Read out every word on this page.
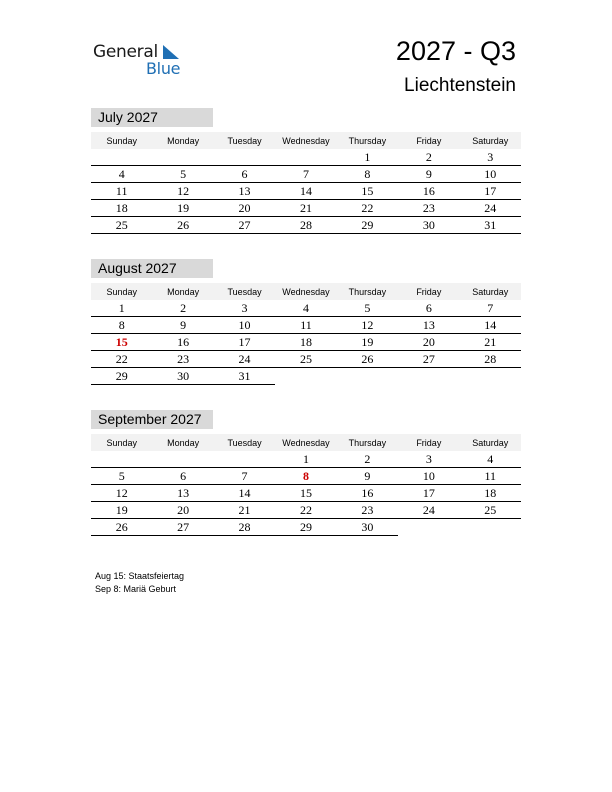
General
Blue
2027 - Q3
Liechtenstein
July 2027
Sunday	Monday	Tuesday	Wednesday	Thursday	Friday	Saturday
				1	2	3
4	5	6	7	8	9	10
11	12	13	14	15	16	17
18	19	20	21	22	23	24
25	26	27	28	29	30	31
August 2027
Sunday	Monday	Tuesday	Wednesday	Thursday	Friday	Saturday
1	2	3	4	5	6	7
8	9	10	11	12	13	14
15	16	17	18	19	20	21
22	23	24	25	26	27	28
29	30	31				
September 2027
Sunday	Monday	Tuesday	Wednesday	Thursday	Friday	Saturday
			1	2	3	4
5	6	7	8	9	10	11
12	13	14	15	16	17	18
19	20	21	22	23	24	25
26	27	28	29	30		
Aug 15: Staatsfeiertag
Sep 8: Mariä Geburt
